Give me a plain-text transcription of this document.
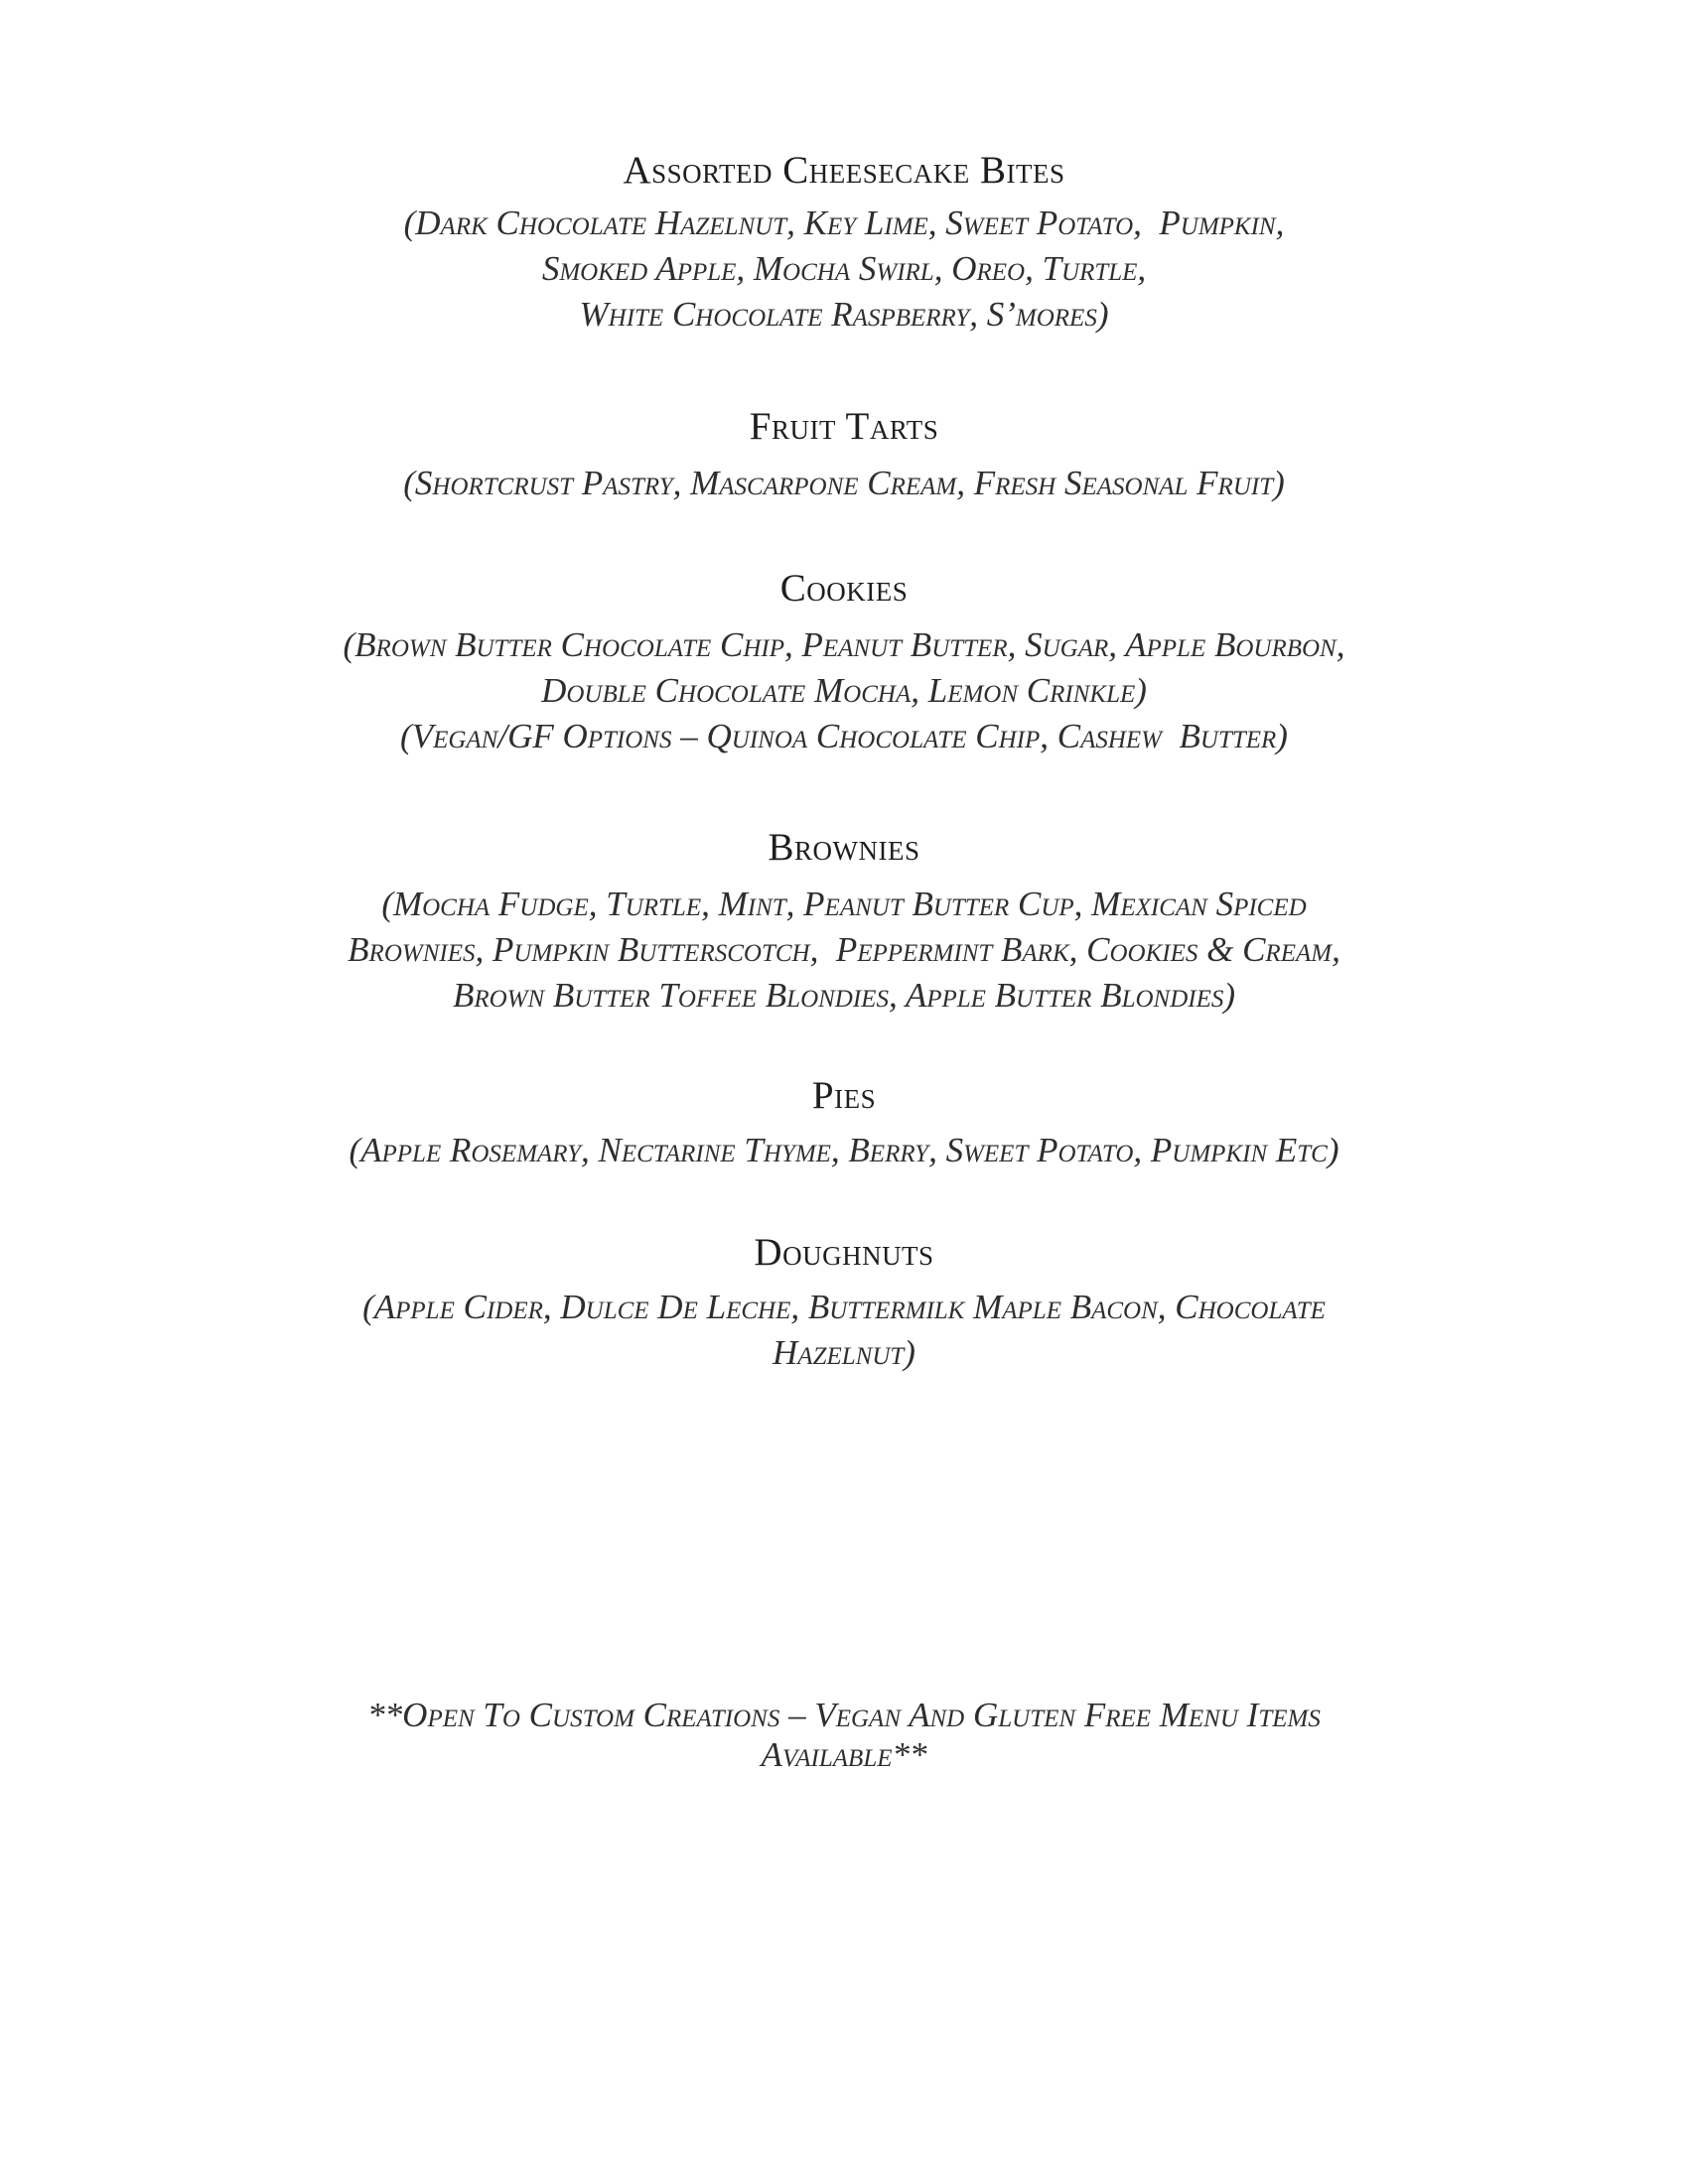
Assorted Cheesecake Bites
(Dark Chocolate Hazelnut, Key Lime, Sweet Potato,  Pumpkin,
Smoked Apple, Mocha Swirl, Oreo, Turtle,
White Chocolate Raspberry, S’mores)
Fruit Tarts
(Shortcrust Pastry, Mascarpone Cream, Fresh Seasonal Fruit)
Cookies
(Brown Butter Chocolate Chip, Peanut Butter, Sugar, Apple Bourbon,
Double Chocolate Mocha, Lemon Crinkle)
(Vegan/GF Options – Quinoa Chocolate Chip, Cashew  Butter)
Brownies
(Mocha Fudge, Turtle, Mint, Peanut Butter Cup, Mexican Spiced
Brownies, Pumpkin Butterscotch,  Peppermint Bark, Cookies & Cream,
Brown Butter Toffee Blondies, Apple Butter Blondies)
Pies
(Apple Rosemary, Nectarine Thyme, Berry, Sweet Potato, Pumpkin Etc)
Doughnuts
(Apple Cider, Dulce De Leche, Buttermilk Maple Bacon, Chocolate
Hazelnut)
**Open To Custom Creations – Vegan And Gluten Free Menu Items
Available**
